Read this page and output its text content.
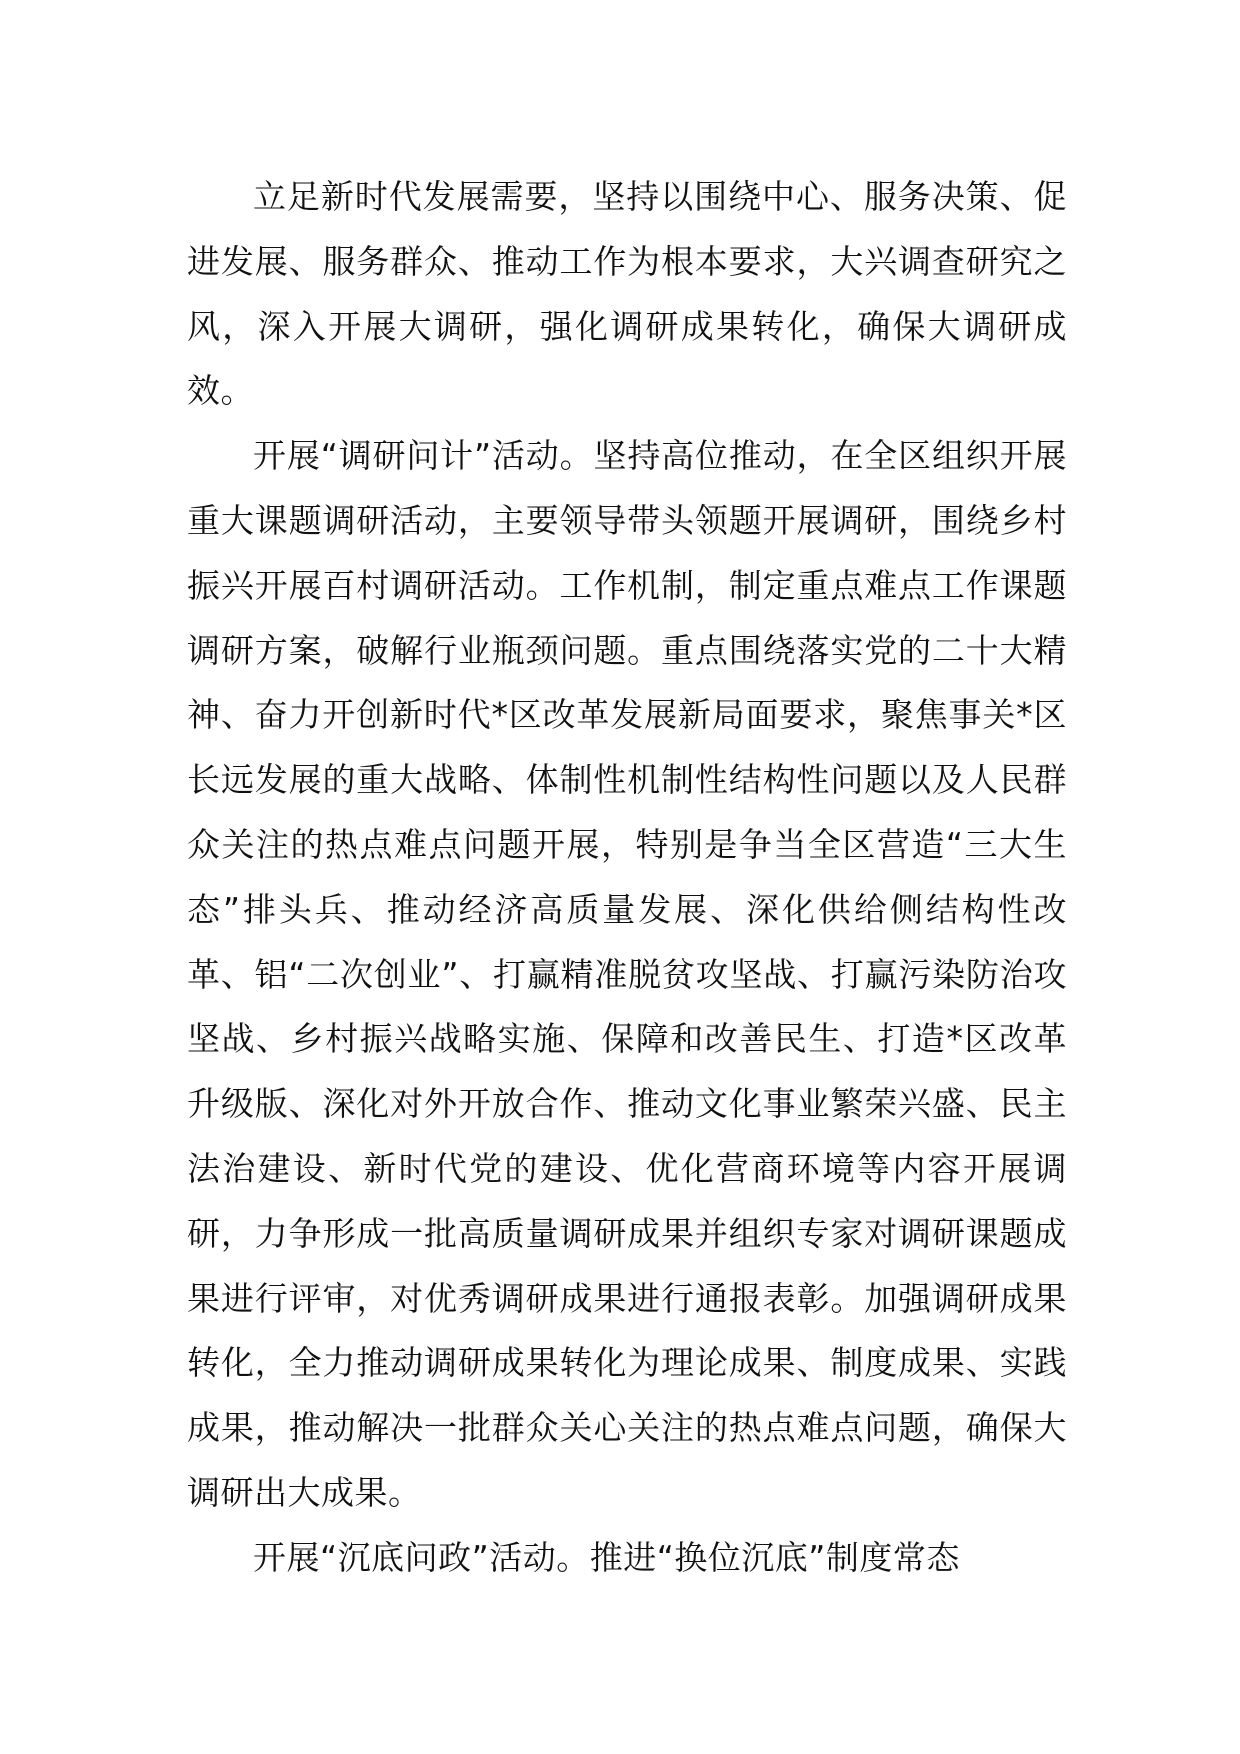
立足新时代发展需要，坚持以围绕中心、服务决策、促进发展、服务群众、推动工作为根本要求，大兴调查研究之风，深入开展大调研，强化调研成果转化，确保大调研成效。

开展“调研问计”活动。坚持高位推动，在全区组织开展重大课题调研活动，主要领导带头领题开展调研，围绕乡村振兴开展百村调研活动。工作机制，制定重点难点工作课题调研方案，破解行业瓶颈问题。重点围绕落实党的二十大精神、奋力开创新时代*区改革发展新局面要求，聚焦事关*区长远发展的重大战略、体制性机制性结构性问题以及人民群众关注的热点难点问题开展，特别是争当全区营造“三大生态”排头兵、推动经济高质量发展、深化供给侧结构性改革、铝“二次创业”、打赢精准脱贫攻坚战、打赢污染防治攻坚战、乡村振兴战略实施、保障和改善民生、打造*区改革升级版、深化对外开放合作、推动文化事业繁荣兴盛、民主法治建设、新时代党的建设、优化营商环境等内容开展调研，力争形成一批高质量调研成果并组织专家对调研课题成果进行评审，对优秀调研成果进行通报表彰。加强调研成果转化，全力推动调研成果转化为理论成果、制度成果、实践成果，推动解决一批群众关心关注的热点难点问题，确保大调研出大成果。

开展“沉底问政”活动。推进“换位沉底”制度常态
